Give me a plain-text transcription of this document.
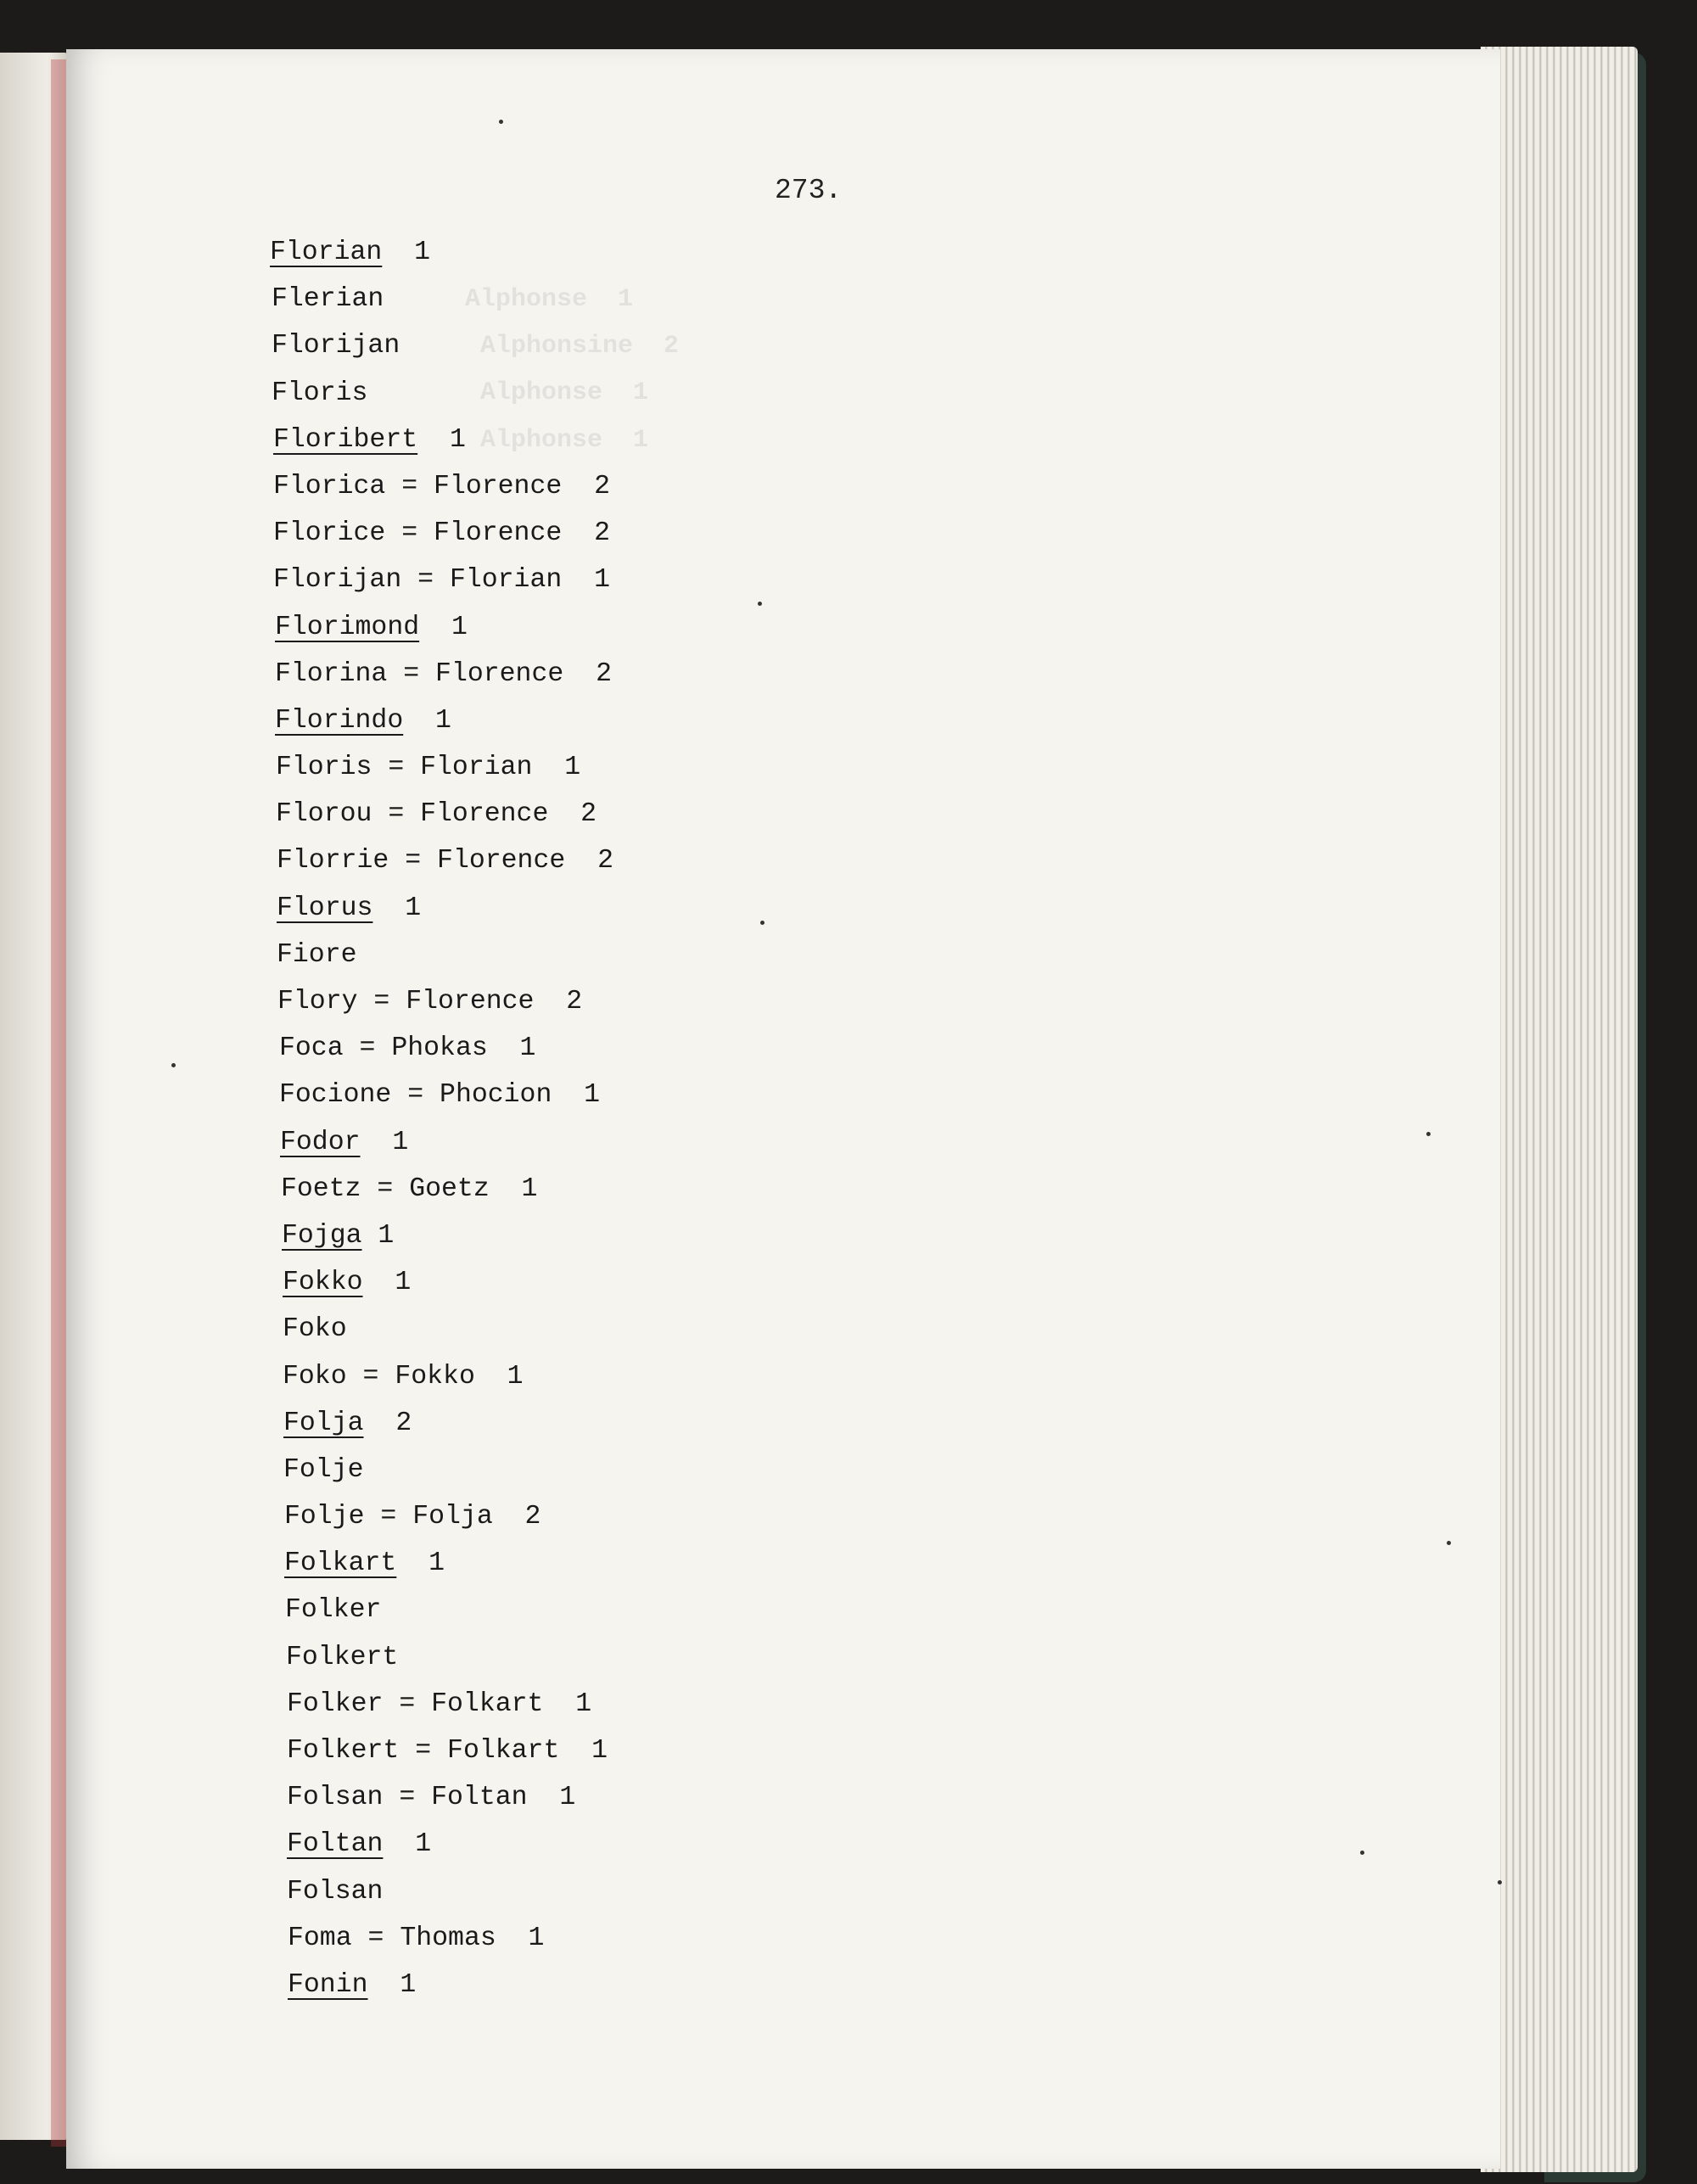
Alphonse  1
Alphonsine  2
Alphonse  1
Alphonse  1

273.
Florian  1
Flerian
Florijan
Floris
Floribert  1
Florica = Florence  2
Florice = Florence  2
Florijan = Florian  1
Florimond  1
Florina = Florence  2
Florindo  1
Floris = Florian  1
Florou = Florence  2
Florrie = Florence  2
Florus  1
Fiore
Flory = Florence  2
Foca = Phokas  1
Focione = Phocion  1
Fodor  1
Foetz = Goetz  1
Fojga 1
Fokko  1
Foko
Foko = Fokko  1
Folja  2
Folje
Folje = Folja  2
Folkart  1
Folker
Folkert
Folker = Folkart  1
Folkert = Folkart  1
Folsan = Foltan  1
Foltan  1
Folsan
Foma = Thomas  1
Fonin  1
